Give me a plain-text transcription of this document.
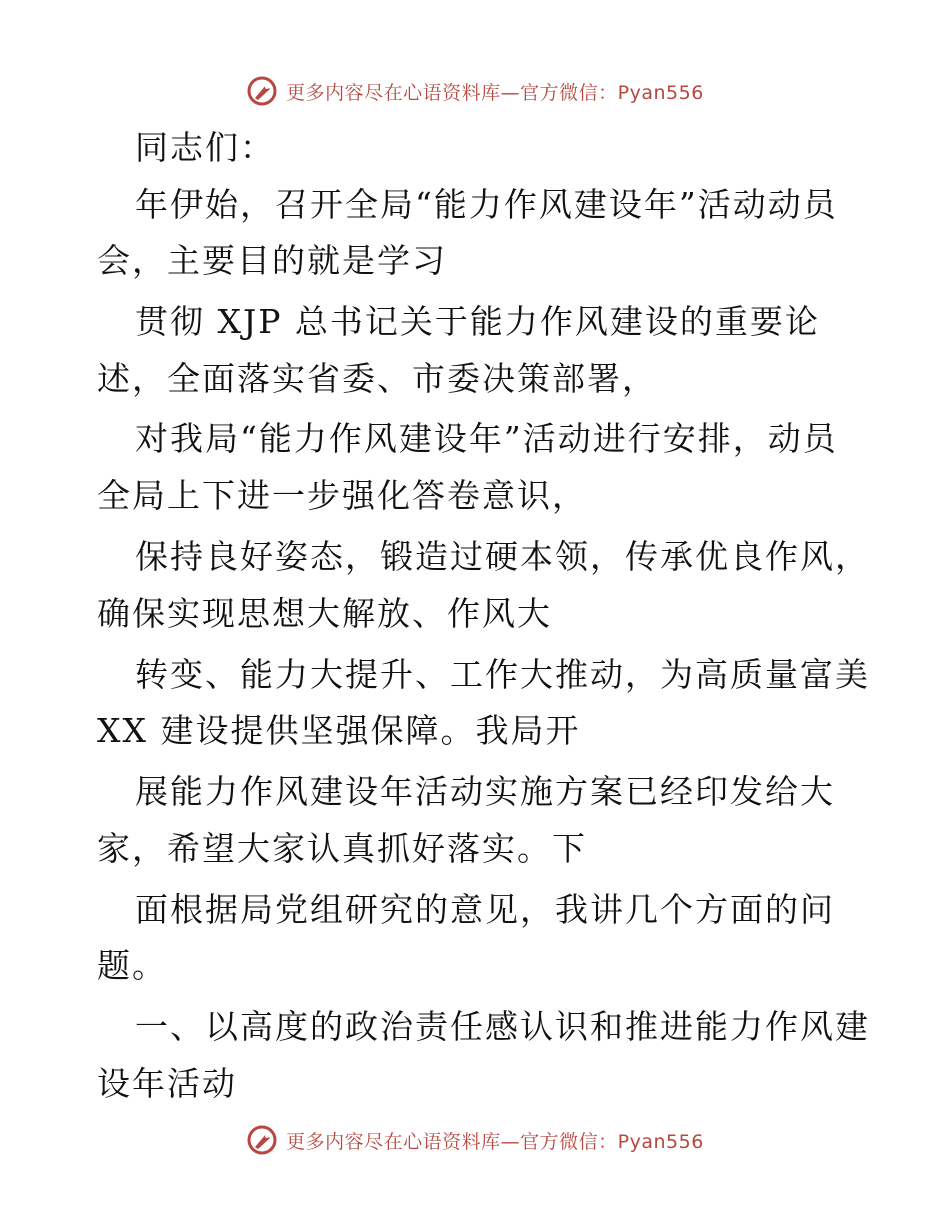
更多内容尽在心语资料库—官方微信：Pyan556
同志们：
年伊始，召开全局“能力作风建设年”活动动员
会，主要目的就是学习
贯彻 XJP 总书记关于能力作风建设的重要论
述，全面落实省委、市委决策部署，
对我局“能力作风建设年”活动进行安排，动员
全局上下进一步强化答卷意识，
保持良好姿态，锻造过硬本领，传承优良作风，
确保实现思想大解放、作风大
转变、能力大提升、工作大推动，为高质量富美
XX 建设提供坚强保障。我局开
展能力作风建设年活动实施方案已经印发给大
家，希望大家认真抓好落实。下
面根据局党组研究的意见，我讲几个方面的问
题。
一、以高度的政治责任感认识和推进能力作风建
设年活动
更多内容尽在心语资料库—官方微信：Pyan556
